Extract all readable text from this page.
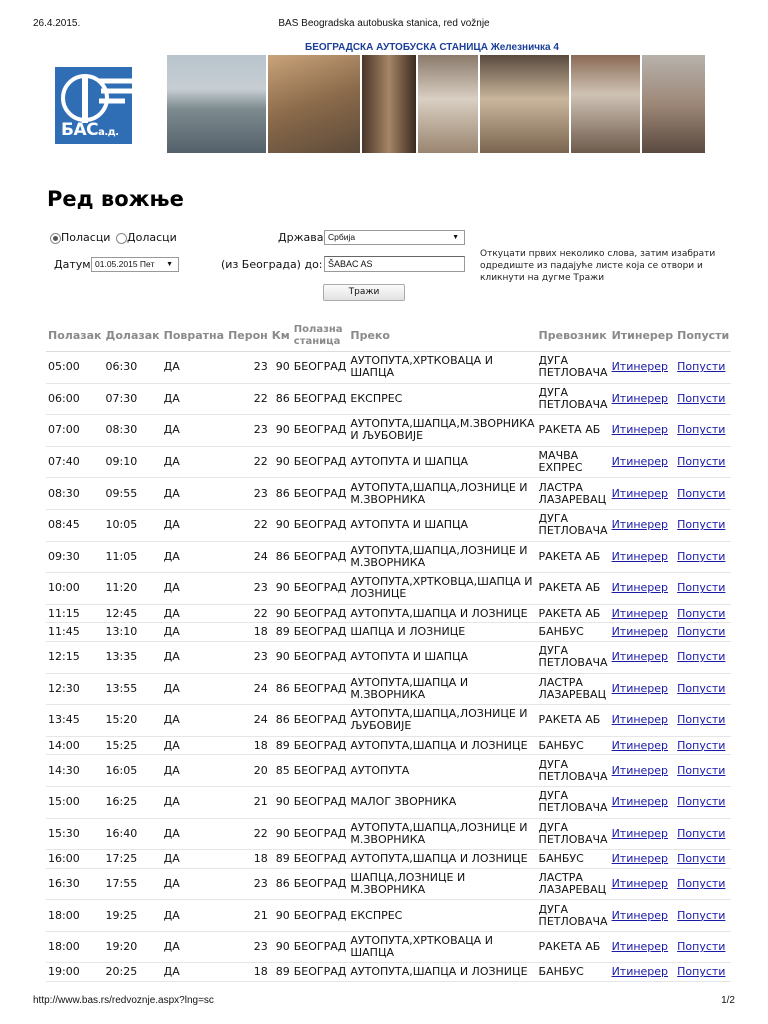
26.4.2015.	BAS Beogradska autobuska stanica, red vožnje
БАСа.д.
БЕОГРАДСКА АУТОБУСКА СТАНИЦА Железничка 4
Ред вожње
Поласци Доласци	Држава Србија	▼
Датум 01.05.2015 Пет ▼	(из Београда) до: ŠABAC AS
Откуцати првих неколико слова, затим изабрати одредиште из падајуће листе која се отвори и кликнути на дугме Тражи
Тражи
Полазак	Долазак	Повратна	Перон	Км	Полазна станица	Преко	Превозник	Итинерер	Попусти
05:00	06:30	ДА	23	90	БЕОГРАД	АУТОПУТА,ХРТКОВАЦА И ШАПЦА	ДУГА ПЕТЛОВАЧА	Итинерер	Попусти
06:00	07:30	ДА	22	86	БЕОГРАД	ЕКСПРЕС	ДУГА ПЕТЛОВАЧА	Итинерер	Попусти
07:00	08:30	ДА	23	90	БЕОГРАД	АУТОПУТА,ШАПЦА,М.ЗВОРНИКА И ЉУБОВИЈЕ	РАКЕТА АБ	Итинерер	Попусти
07:40	09:10	ДА	22	90	БЕОГРАД	АУТОПУТА И ШАПЦА	МАЧВА ЕХПРЕС	Итинерер	Попусти
08:30	09:55	ДА	23	86	БЕОГРАД	АУТОПУТА,ШАПЦА,ЛОЗНИЦЕ И М.ЗВОРНИКА	ЛАСТРА ЛАЗАРЕВАЦ	Итинерер	Попусти
08:45	10:05	ДА	22	90	БЕОГРАД	АУТОПУТА И ШАПЦА	ДУГА ПЕТЛОВАЧА	Итинерер	Попусти
09:30	11:05	ДА	24	86	БЕОГРАД	АУТОПУТА,ШАПЦА,ЛОЗНИЦЕ И М.ЗВОРНИКА	РАКЕТА АБ	Итинерер	Попусти
10:00	11:20	ДА	23	90	БЕОГРАД	АУТОПУТА,ХРТКОВЦА,ШАПЦА И ЛОЗНИЦЕ	РАКЕТА АБ	Итинерер	Попусти
11:15	12:45	ДА	22	90	БЕОГРАД	АУТОПУТА,ШАПЦА И ЛОЗНИЦЕ	РАКЕТА АБ	Итинерер	Попусти
11:45	13:10	ДА	18	89	БЕОГРАД	ШАПЦА И ЛОЗНИЦЕ	БАНБУС	Итинерер	Попусти
12:15	13:35	ДА	23	90	БЕОГРАД	АУТОПУТА И ШАПЦА	ДУГА ПЕТЛОВАЧА	Итинерер	Попусти
12:30	13:55	ДА	24	86	БЕОГРАД	АУТОПУТА,ШАПЦА И М.ЗВОРНИКА	ЛАСТРА ЛАЗАРЕВАЦ	Итинерер	Попусти
13:45	15:20	ДА	24	86	БЕОГРАД	АУТОПУТА,ШАПЦА,ЛОЗНИЦЕ И ЉУБОВИЈЕ	РАКЕТА АБ	Итинерер	Попусти
14:00	15:25	ДА	18	89	БЕОГРАД	АУТОПУТА,ШАПЦА И ЛОЗНИЦЕ	БАНБУС	Итинерер	Попусти
14:30	16:05	ДА	20	85	БЕОГРАД	АУТОПУТА	ДУГА ПЕТЛОВАЧА	Итинерер	Попусти
15:00	16:25	ДА	21	90	БЕОГРАД	МАЛОГ ЗВОРНИКА	ДУГА ПЕТЛОВАЧА	Итинерер	Попусти
15:30	16:40	ДА	22	90	БЕОГРАД	АУТОПУТА,ШАПЦА,ЛОЗНИЦЕ И М.ЗВОРНИКА	ДУГА ПЕТЛОВАЧА	Итинерер	Попусти
16:00	17:25	ДА	18	89	БЕОГРАД	АУТОПУТА,ШАПЦА И ЛОЗНИЦЕ	БАНБУС	Итинерер	Попусти
16:30	17:55	ДА	23	86	БЕОГРАД	ШАПЦА,ЛОЗНИЦЕ И М.ЗВОРНИКА	ЛАСТРА ЛАЗАРЕВАЦ	Итинерер	Попусти
18:00	19:25	ДА	21	90	БЕОГРАД	ЕКСПРЕС	ДУГА ПЕТЛОВАЧА	Итинерер	Попусти
18:00	19:20	ДА	23	90	БЕОГРАД	АУТОПУТА,ХРТКОВАЦА И ШАПЦА	РАКЕТА АБ	Итинерер	Попусти
19:00	20:25	ДА	18	89	БЕОГРАД	АУТОПУТА,ШАПЦА И ЛОЗНИЦЕ	БАНБУС	Итинерер	Попусти
http://www.bas.rs/redvoznje.aspx?lng=sc	1/2
